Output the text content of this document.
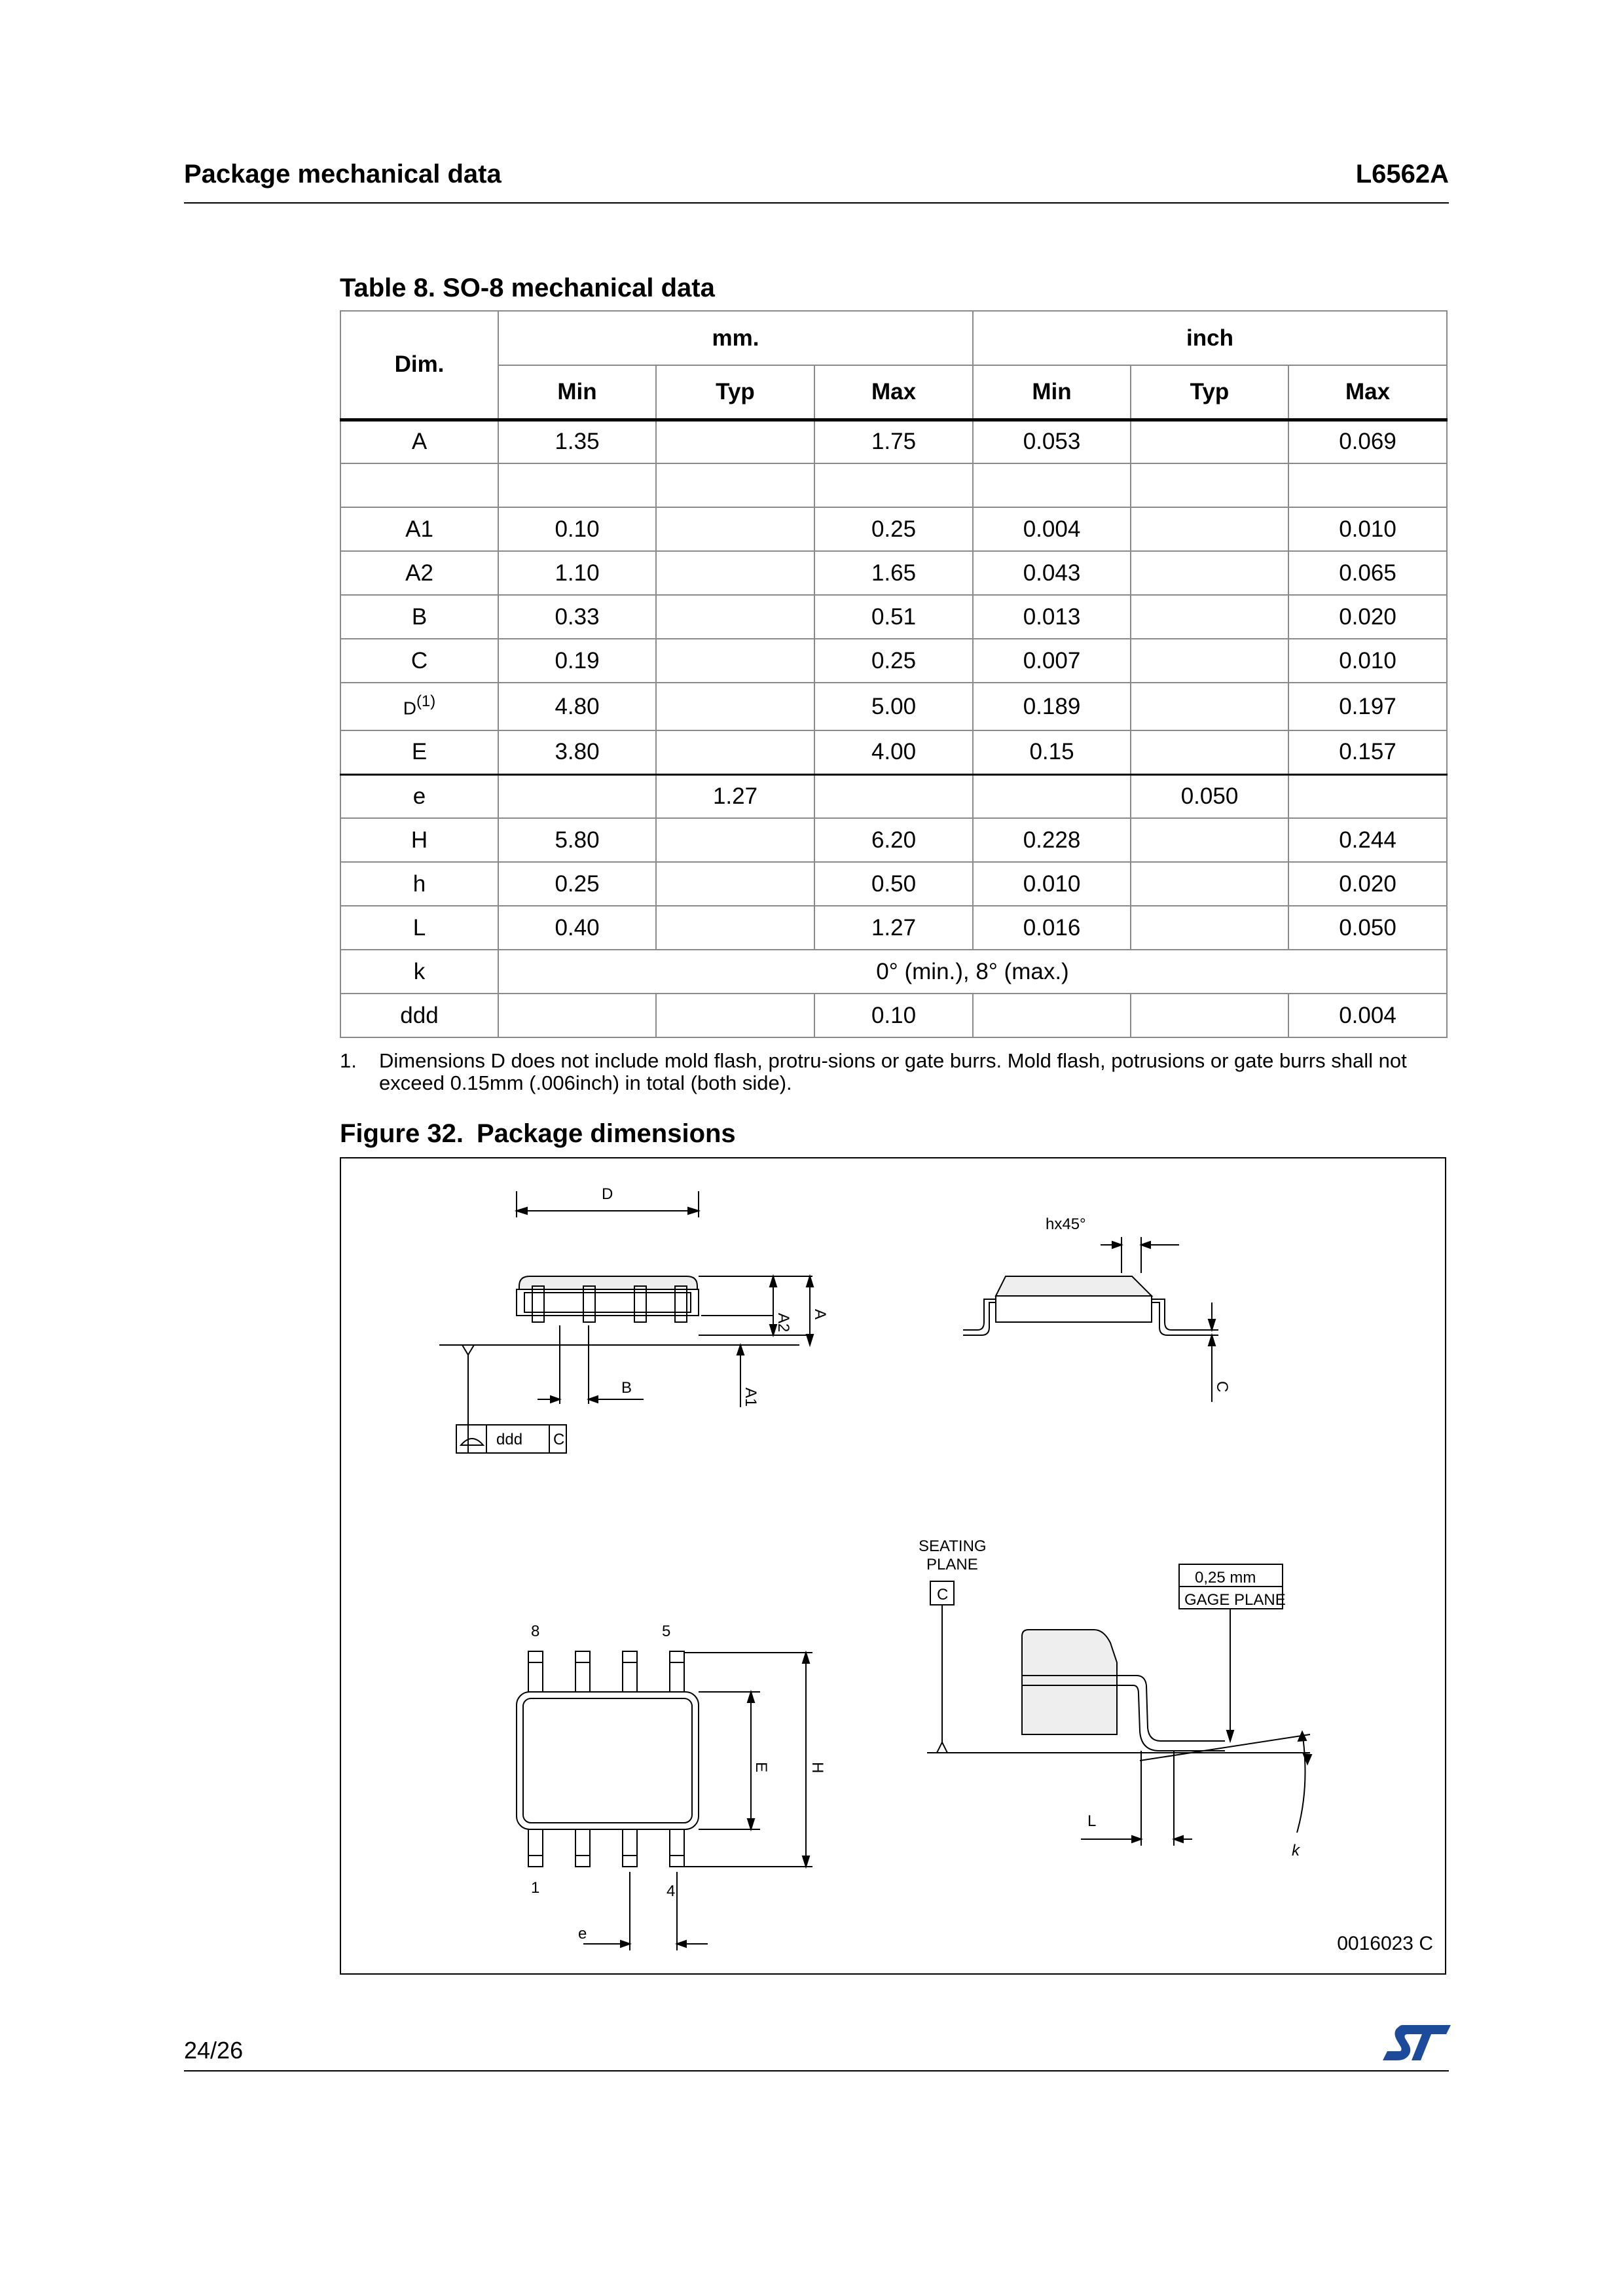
Package mechanical data	L6562A
Table 8. SO-8 mechanical data
Dim.	mm.			inch		
	Min	Typ	Max	Min	Typ	Max
A	1.35		1.75	0.053		0.069

A1	0.10		0.25	0.004		0.010
A2	1.10		1.65	0.043		0.065
B	0.33		0.51	0.013		0.020
C	0.19		0.25	0.007		0.010
$D^{(1)}$	4.80		5.00	0.189		0.197
E	3.80		4.00	0.15		0.157
e		1.27			0.050	
H	5.80		6.20	0.228		0.244
h	0.25		0.50	0.010		0.020
L	0.40		1.27	0.016		0.050
k	0° (min.), 8° (max.)					
ddd			0.10			0.004
1. Dimensions D does not include mold flash, protru-sions or gate burrs. Mold flash, potrusions or gate burrs shall not exceed 0.15mm (.006inch) in total (both side).
Figure 32. Package dimensions
D
A2 A
A1
B
ddd C
hx45°
C
8	5
1	4
E H
e
SEATING
PLANE
C
0,25 mm
GAGE PLANE
L
k
0016023 C
24/26
